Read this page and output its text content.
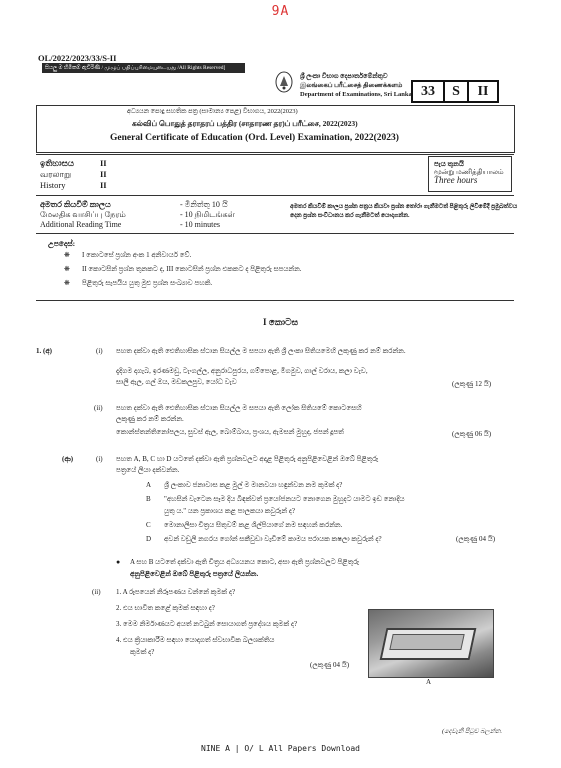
9A
OL/2022/2023/33/S-II
සියලු ම හිමිකම් ඇවිරිණි / முழுப் பதிப்புரிமையுடையது /All Rights Reserved]
ශ්‍රී ලංකා විභාග දෙපාර්තමේන්තුව
இலங்கைப் பரீட்சைத் திணைக்களம்
Department of Examinations, Sri Lanka 33	S	II
අධ්‍යයන පොදු සහතික පත්‍ර (සාමාන්‍ය පෙළ) විභාගය, 2022(2023)
கல்விப் பொதுத் தராதரப் பத்திர (சாதாரண தர)ப் பரீட்சை, 2022(2023)
General Certificate of Education (Ord. Level) Examination, 2022(2023)
ඉතිහාසය	II
வரலாறு	II
History	II
පැය තුනයි
மூன்று மணித்தியாலம்
Three hours
අමතර කියවීම් කාලය	- මිනිත්තු 10 යි
மேலதிக வாசிப்பு நேரம்	- 10 நிமிடங்கள்
Additional Reading Time	- 10 minutes
අමතර කියවීම් කාලය ප්‍රශ්න පත්‍රය කියවා ප්‍රශ්න තෝරා ගැනීමටත් පිළිතුරු ලිවීමේදී ප්‍රමුඛත්වය දෙන ප්‍රශ්න සංවිධානය කර ගැනීමටත් යොදාගන්න.
උපදෙස්:
❋ I කොටසේ ප්‍රශ්න අංක 1 අනිවාර්ය වේ.
❋ II කොටසින් ප්‍රශ්න තුනකට ද, III කොටසින් ප්‍රශ්න එකකට ද පිළිතුරු සපයන්න.
❋ පිළිතුරු සැපයිය යුතු මුළු ප්‍රශ්න සංඛ්‍යාව පහකි.
I කොටස
1. (අ)	(i) පහත දක්වා ඇති ඓතිහාසික ස්ථාන සියල්ල ම සපයා ඇති ශ්‍රී ලංකා සිතියමෙහි ලකුණු කර නම් කරන්න.
දැදිගම දාගැබ, ඉරණමඩු, ටැංගල්ල, අනුරාධපුරය, ගම්පොළ, මීගමුව, ගාල් වරාය, කලා වැව,
සාලි ඇල, ගල් ඔය, මඩකලපුව, යෝධ වැව	(ලකුණු 12 යි)
(ii) පහත දක්වා ඇති ඓතිහාසික ස්ථාන සියල්ල ම සපයා ඇති ලෝක සිතියමේ කොටසෙහි
ලකුණු කර නම් කරන්න.
කොන්ස්තන්තිනෝපලය, සුවස් ඇල, බොම්බාය, ප්‍රංශය, ඇමසන් මුහුද, ජපන් දූපත්	(ලකුණු 06 යි)
(ආ)	(i) පහත A, B, C හා D යටතේ දක්වා ඇති ප්‍රශ්නවලට අදාළ පිළිතුරු අනුපිළිවෙළින් ඔබේ පිළිතුරු
පත්‍රයේ ලියා දක්වන්න.
A ශ්‍රී ලංකාව ජනාවාස කළ මුල් ම මානවයා හඳුන්වන නම කුමක් ද?
B "අහසින් වැටෙන සෑම දිය බිඳක්වත් ප්‍රයෝජනයට නොගෙන මුහුදට යාමට ඉඩ නොදිය
යුතු ය." යන ප්‍රකාශය කළ පාලකයා කවුරුන් ද?
C මොනාලිසා චිත්‍රය සිතුවම් කළ ශිල්පියාගේ නම සඳහන් කරන්න.
D අවන් වඩුලි නගරය ගෝන් සකීවුඩා වැඩිමේ කාමය පරායක කෂලා කවුරුන් ද?	(ලකුණු 04 යි)
● A සහ B යටතේ දක්වා ඇති චිත්‍රය අධ්‍යයනය කොට, අසා ඇති ප්‍රශ්නවලට පිළිතුරු
අනුපිළිවෙළින් ඔබේ පිළිතුරු පත්‍රයේ ලියන්න.
(ii) 1. A රූපයෙන් නිරූපණය වන්නේ කුමක් ද?
2. එය භාවිත කළේ කුමක් සඳහා ද?
3. මෙම නිර්මාණයට අයත් නටබුන් සොයාගත් ප්‍රදේශය කුමක් ද?
4. එය ක්‍රියාකාරීම සඳහා යොදාගත් ස්වභාවික බලශක්තිය
කුමක් ද?
(ලකුණු 04 යි)
A
(දෙවැනි පිටුව බලන්න.
NINE A | O/ L All Papers Download
